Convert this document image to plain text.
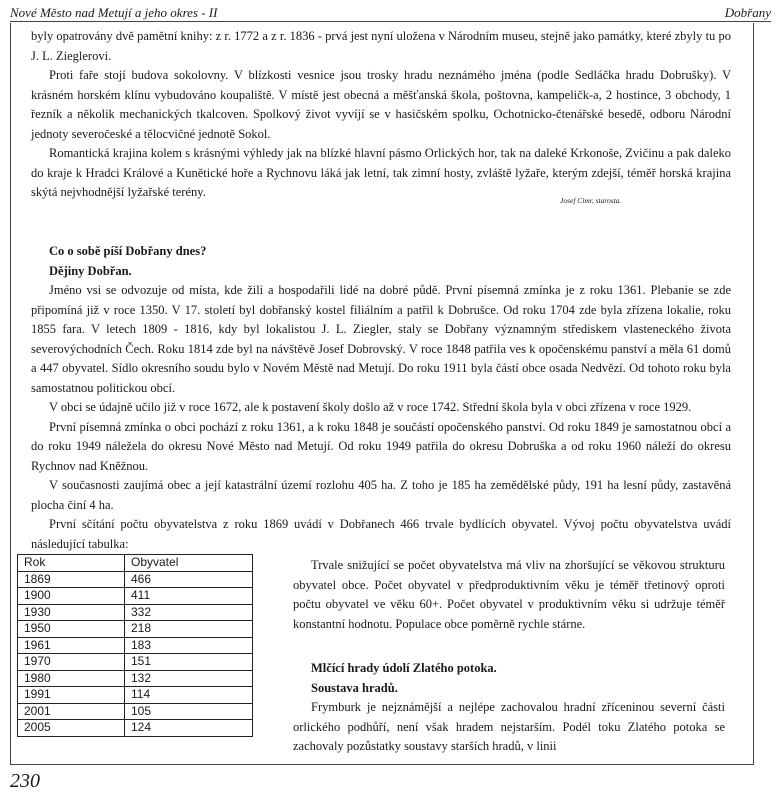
Nové Město nad Metují a jeho okres - II	Dobřany

byly opatrovány dvě pamětní knihy: z r. 1772 a z r. 1836 - prvá jest nyní uložena v Národním museu, stejně jako památky, které zbyly tu po J. L. Zieglerovi.

Proti faře stojí budova sokolovny. V blízkosti vesnice jsou trosky hradu neznámého jména (podle Sedláčka hradu Dobrušky). V krásném horském klínu vybudováno koupaliště. V místě jest obecná a měšťanská škola, poštovna, kampeličk-a, 2 hostince, 3 obchody, 1 řezník a několik mechanických tkalcoven. Spolkový život vyvíjí se v hasičském spolku, Ochotnicko-čtenářské besedě, odboru Národní jednoty severočeské a tělocvičné jednotě Sokol.

Romantická krajina kolem s krásnými výhledy jak na blízké hlavní pásmo Orlických hor, tak na daleké Krkonoše, Zvičinu a pak daleko do kraje k Hradci Králové a Kunětické hoře a Rychnovu láká jak letní, tak zimní hosty, zvláště lyžaře, kterým zdejší, téměř horská krajina skýtá nejvhodnější lyžařské terény.

Josef Cimr, starosta.
Co o sobě píší Dobřany dnes?
Dějiny Dobřan.

Jméno vsi se odvozuje od místa, kde žili a hospodařili lidé na dobré půdě. První písemná zmínka je z roku 1361. Plebanie se zde připomíná již v roce 1350. V 17. století byl dobřanský kostel filiálním a patřil k Dobrušce. Od roku 1704 zde byla zřízena lokalie, roku 1855 fara. V letech 1809 - 1816, kdy byl lokalistou J. L. Ziegler, staly se Dobřany významným střediskem vlasteneckého života severovýchodních Čech. Roku 1814 zde byl na návštěvě Josef Dobrovský. V roce 1848 patřila ves k opočenskému panství a měla 61 domů a 447 obyvatel. Sídlo okresního soudu bylo v Novém Městě nad Metují. Do roku 1911 byla částí obce osada Nedvězí. Od tohoto roku byla samostatnou politickou obcí.

V obci se údajně učilo již v roce 1672, ale k postavení školy došlo až v roce 1742. Střední škola byla v obci zřízena v roce 1929.

První písemná zmínka o obci pochází z roku 1361, a k roku 1848 je součástí opočenského panství. Od roku 1849 je samostatnou obcí a do roku 1949 náležela do okresu Nové Město nad Metují. Od roku 1949 patřila do okresu Dobruška a od roku 1960 náleží do okresu Rychnov nad Kněžnou.

V současnosti zaujímá obec a její katastrální území rozlohu 405 ha. Z toho je 185 ha zemědělské půdy, 191 ha lesní půdy, zastavěná plocha činí 4 ha.

První sčítání počtu obyvatelstva z roku 1869 uvádí v Dobřanech 466 trvale bydlících obyvatel. Vývoj počtu obyvatelstva uvádí následující tabulka:

Rok	Obyvatel
1869	466
1900	411
1930	332
1950	218
1961	183
1970	151
1980	132
1991	114
2001	105
2005	124

Trvale snižující se počet obyvatelstva má vliv na zhoršující se věkovou strukturu obyvatel obce. Počet obyvatel v předproduktivním věku je téměř třetinový oproti počtu obyvatel ve věku 60+. Počet obyvatel v produktivním věku si udržuje téměř konstantní hodnotu. Populace obce poměrně rychle stárne.

Mlčící hrady údolí Zlatého potoka.
Soustava hradů.

Frymburk je nejznámější a nejlépe zachovalou hradní zříceninou severní části orlického podhůří, není však hradem nejstarším. Podél toku Zlatého potoka se zachovaly pozůstatky soustavy starších hradů, v linii

230
